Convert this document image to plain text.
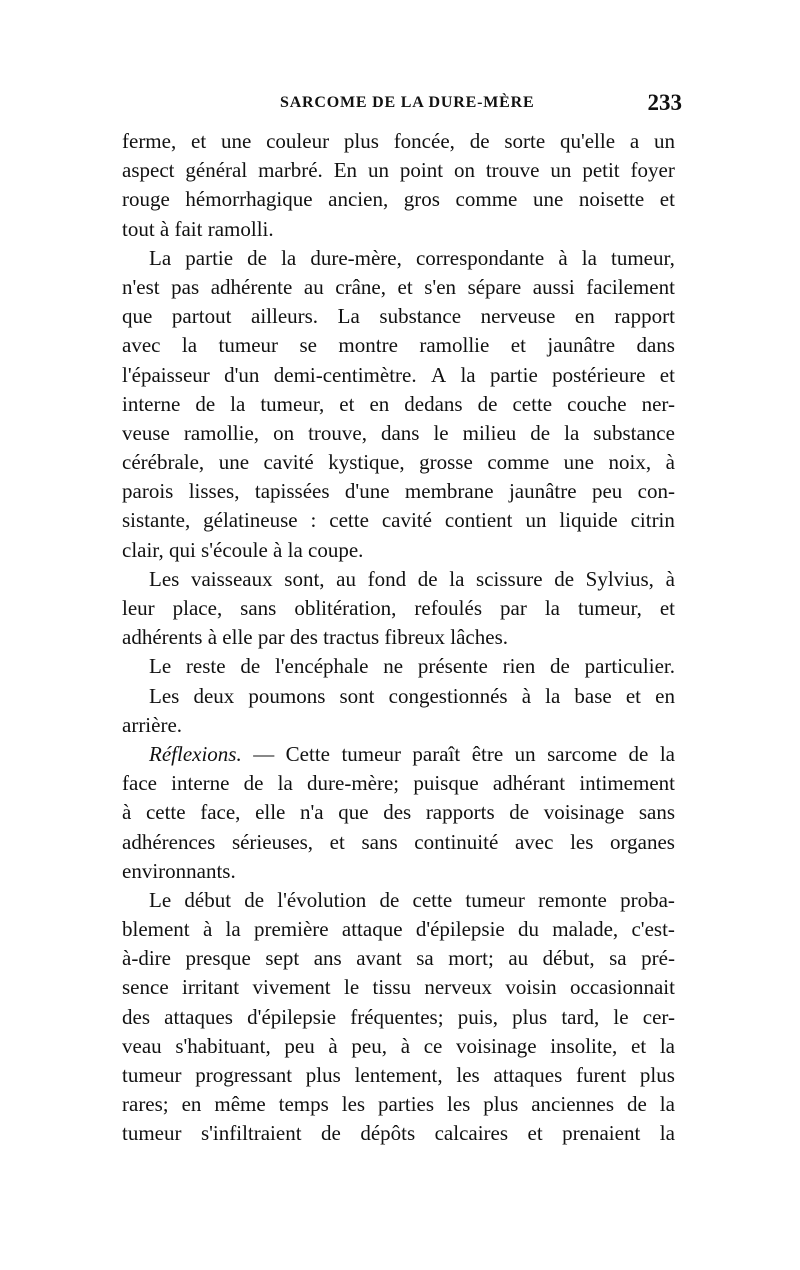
SARCOME DE LA DURE-MÈRE	233
ferme, et une couleur plus foncée, de sorte qu'elle a un
aspect général marbré. En un point on trouve un petit foyer
rouge hémorrhagique ancien, gros comme une noisette et
tout à fait ramolli.
La partie de la dure-mère, correspondante à la tumeur,
n'est pas adhérente au crâne, et s'en sépare aussi facilement
que partout ailleurs. La substance nerveuse en rapport
avec la tumeur se montre ramollie et jaunâtre dans
l'épaisseur d'un demi-centimètre. A la partie postérieure et
interne de la tumeur, et en dedans de cette couche ner-
veuse ramollie, on trouve, dans le milieu de la substance
cérébrale, une cavité kystique, grosse comme une noix, à
parois lisses, tapissées d'une membrane jaunâtre peu con-
sistante, gélatineuse : cette cavité contient un liquide citrin
clair, qui s'écoule à la coupe.
Les vaisseaux sont, au fond de la scissure de Sylvius, à
leur place, sans oblitération, refoulés par la tumeur, et
adhérents à elle par des tractus fibreux lâches.
Le reste de l'encéphale ne présente rien de particulier.
Les deux poumons sont congestionnés à la base et en
arrière.
Réflexions. — Cette tumeur paraît être un sarcome de la
face interne de la dure-mère; puisque adhérant intimement
à cette face, elle n'a que des rapports de voisinage sans
adhérences sérieuses, et sans continuité avec les organes
environnants.
Le début de l'évolution de cette tumeur remonte proba-
blement à la première attaque d'épilepsie du malade, c'est-
à-dire presque sept ans avant sa mort; au début, sa pré-
sence irritant vivement le tissu nerveux voisin occasionnait
des attaques d'épilepsie fréquentes; puis, plus tard, le cer-
veau s'habituant, peu à peu, à ce voisinage insolite, et la
tumeur progressant plus lentement, les attaques furent plus
rares; en même temps les parties les plus anciennes de la
tumeur s'infiltraient de dépôts calcaires et prenaient la
